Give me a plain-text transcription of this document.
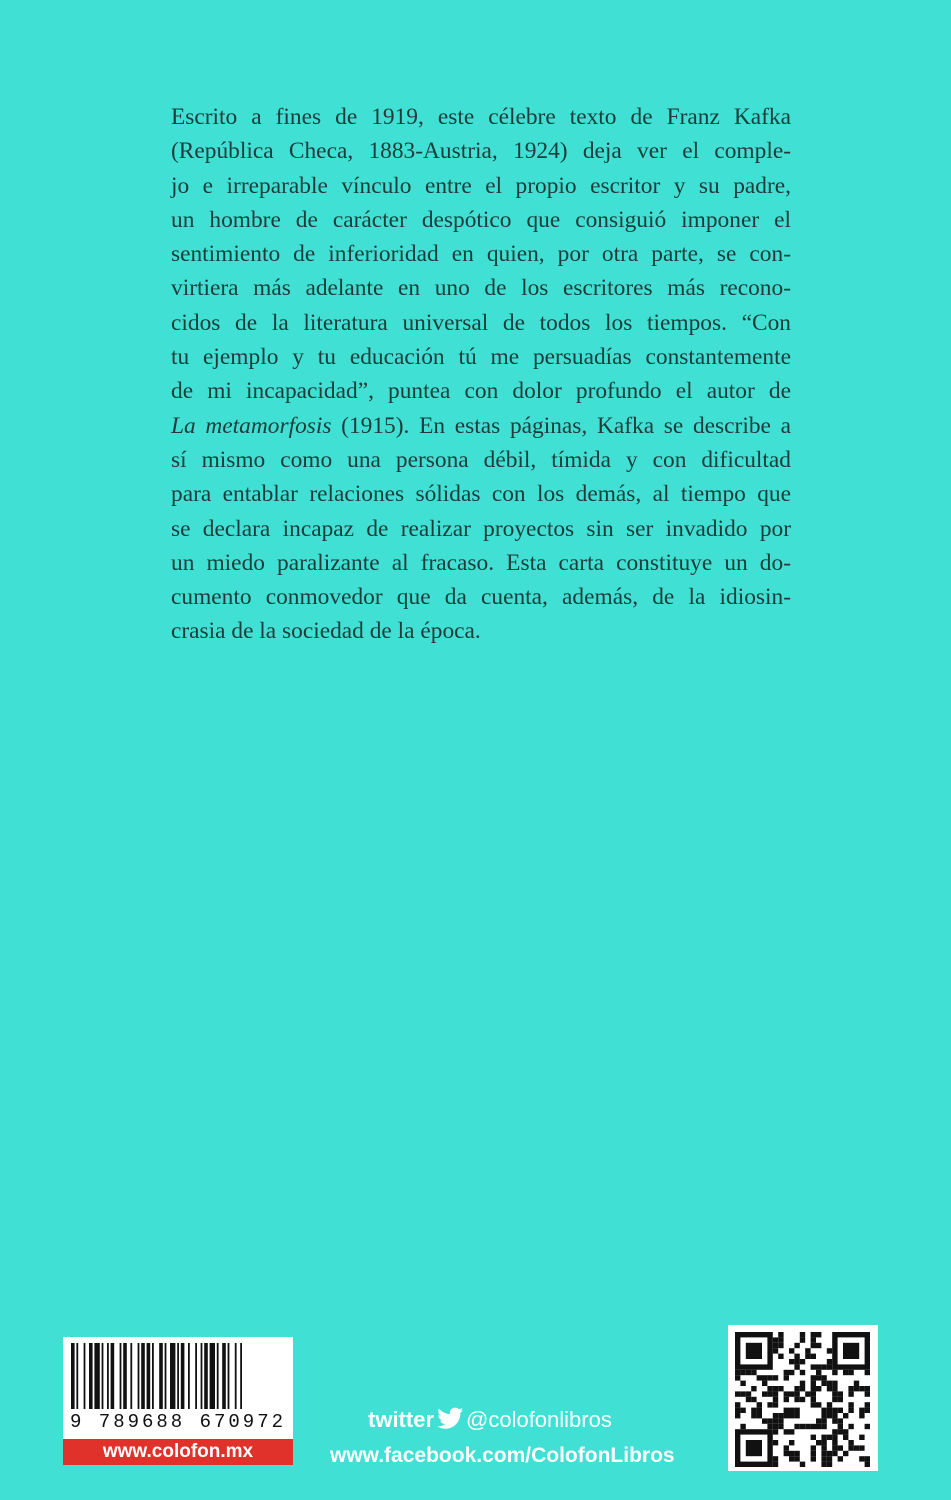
Escrito a fines de 1919, este célebre texto de Franz Kafka
(República Checa, 1883-Austria, 1924) deja ver el comple-
jo e irreparable vínculo entre el propio escritor y su padre,
un hombre de carácter despótico que consiguió imponer el
sentimiento de inferioridad en quien, por otra parte, se con-
virtiera más adelante en uno de los escritores más recono-
cidos de la literatura universal de todos los tiempos. “Con
tu ejemplo y tu educación tú me persuadías constantemente
de mi incapacidad”, puntea con dolor profundo el autor de
La metamorfosis (1915). En estas páginas, Kafka se describe a
sí mismo como una persona débil, tímida y con dificultad
para entablar relaciones sólidas con los demás, al tiempo que
se declara incapaz de realizar proyectos sin ser invadido por
un miedo paralizante al fracaso. Esta carta constituye un do-
cumento conmovedor que da cuenta, además, de la idiosin-
crasia de la sociedad de la época.
9 789688 670972
www.colofon.mx
twitter @colofonlibros
www.facebook.com/ColofonLibros
